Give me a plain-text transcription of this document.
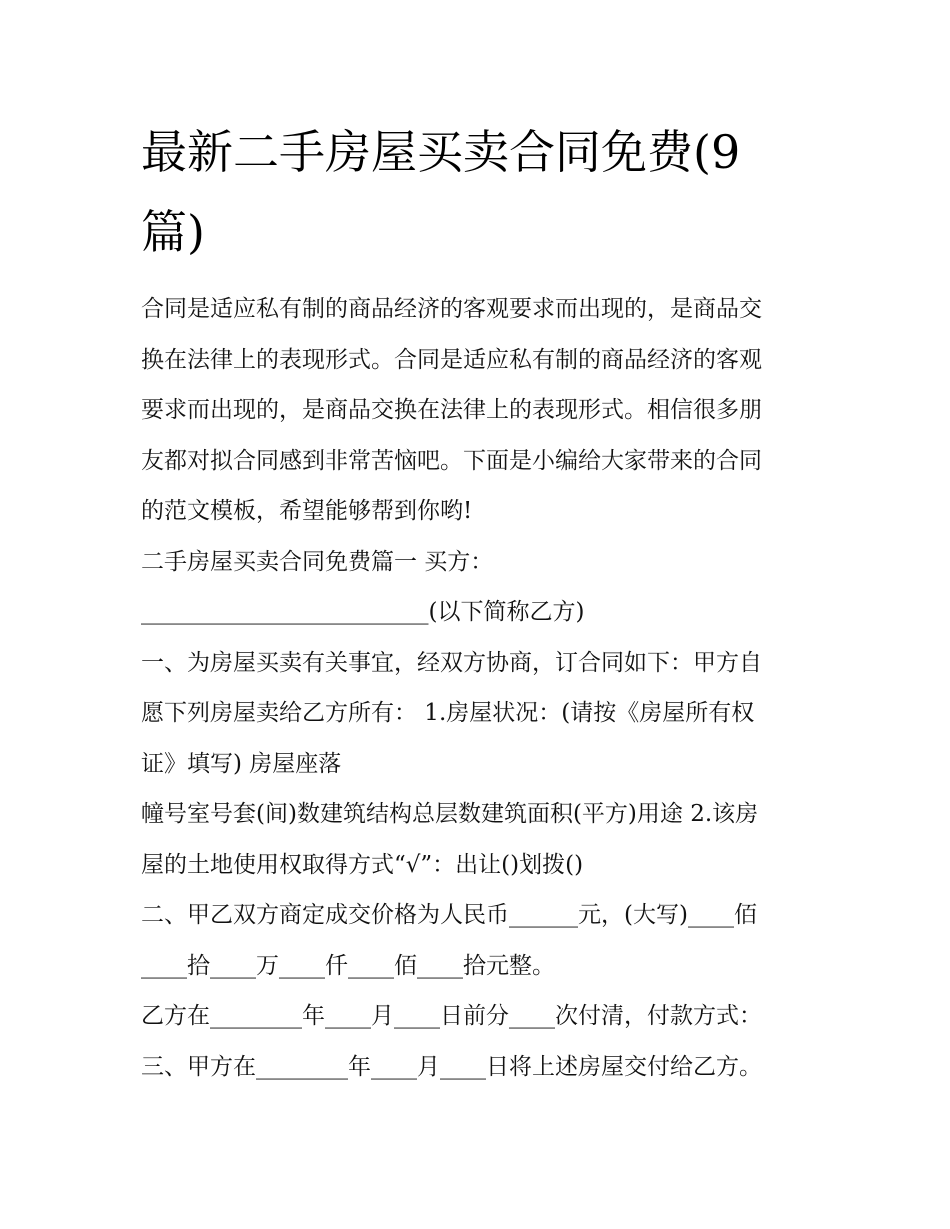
最新二手房屋买卖合同免费(9
篇)
合同是适应私有制的商品经济的客观要求而出现的，是商品交
换在法律上的表现形式。合同是适应私有制的商品经济的客观
要求而出现的，是商品交换在法律上的表现形式。相信很多朋
友都对拟合同感到非常苦恼吧。下面是小编给大家带来的合同
的范文模板，希望能够帮到你哟!
二手房屋买卖合同免费篇一 买方：
_________________________(以下简称乙方)
一、为房屋买卖有关事宜，经双方协商，订合同如下：甲方自
愿下列房屋卖给乙方所有： 1.房屋状况：(请按《房屋所有权
证》填写) 房屋座落
幢号室号套(间)数建筑结构总层数建筑面积(平方)用途 2.该房
屋的土地使用权取得方式“√”：出让()划拨()
二、甲乙双方商定成交价格为人民币______元，(大写)____佰
____拾____万____仟____佰____拾元整。
乙方在________年____月____日前分____次付清，付款方式：
三、甲方在________年____月____日将上述房屋交付给乙方。
